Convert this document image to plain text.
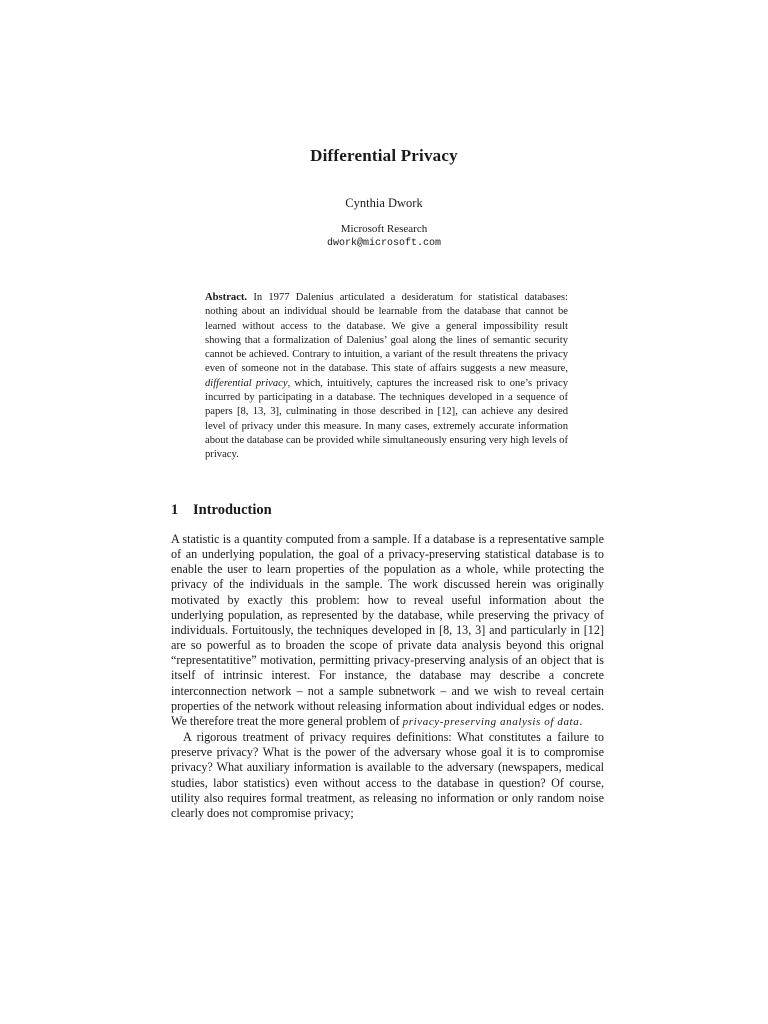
Differential Privacy
Cynthia Dwork
Microsoft Research
dwork@microsoft.com
Abstract. In 1977 Dalenius articulated a desideratum for statistical databases: nothing about an individual should be learnable from the database that cannot be learned without access to the database. We give a general impossibility result showing that a formalization of Dalenius’ goal along the lines of semantic security cannot be achieved. Contrary to intuition, a variant of the result threatens the privacy even of someone not in the database. This state of affairs suggests a new measure, differential privacy, which, intuitively, captures the increased risk to one’s privacy incurred by participating in a database. The techniques developed in a sequence of papers [8, 13, 3], culminating in those described in [12], can achieve any desired level of privacy under this measure. In many cases, extremely accurate information about the database can be provided while simultaneously ensuring very high levels of privacy.
1 Introduction

A statistic is a quantity computed from a sample. If a database is a representative sample of an underlying population, the goal of a privacy-preserving statistical database is to enable the user to learn properties of the population as a whole, while protecting the privacy of the individuals in the sample. The work discussed herein was originally motivated by exactly this problem: how to reveal useful information about the underlying population, as represented by the database, while preserving the privacy of individuals. Fortuitously, the techniques developed in [8, 13, 3] and particularly in [12] are so powerful as to broaden the scope of private data analysis beyond this orignal “representatitive” motivation, permitting privacy-preserving analysis of an object that is itself of intrinsic interest. For instance, the database may describe a concrete interconnection network – not a sample subnetwork – and we wish to reveal certain properties of the network without releasing information about individual edges or nodes. We therefore treat the more general problem of privacy-preserving analysis of data.

A rigorous treatment of privacy requires definitions: What constitutes a failure to preserve privacy? What is the power of the adversary whose goal it is to compromise privacy? What auxiliary information is available to the adversary (newspapers, medical studies, labor statistics) even without access to the database in question? Of course, utility also requires formal treatment, as releasing no information or only random noise clearly does not compromise privacy;
